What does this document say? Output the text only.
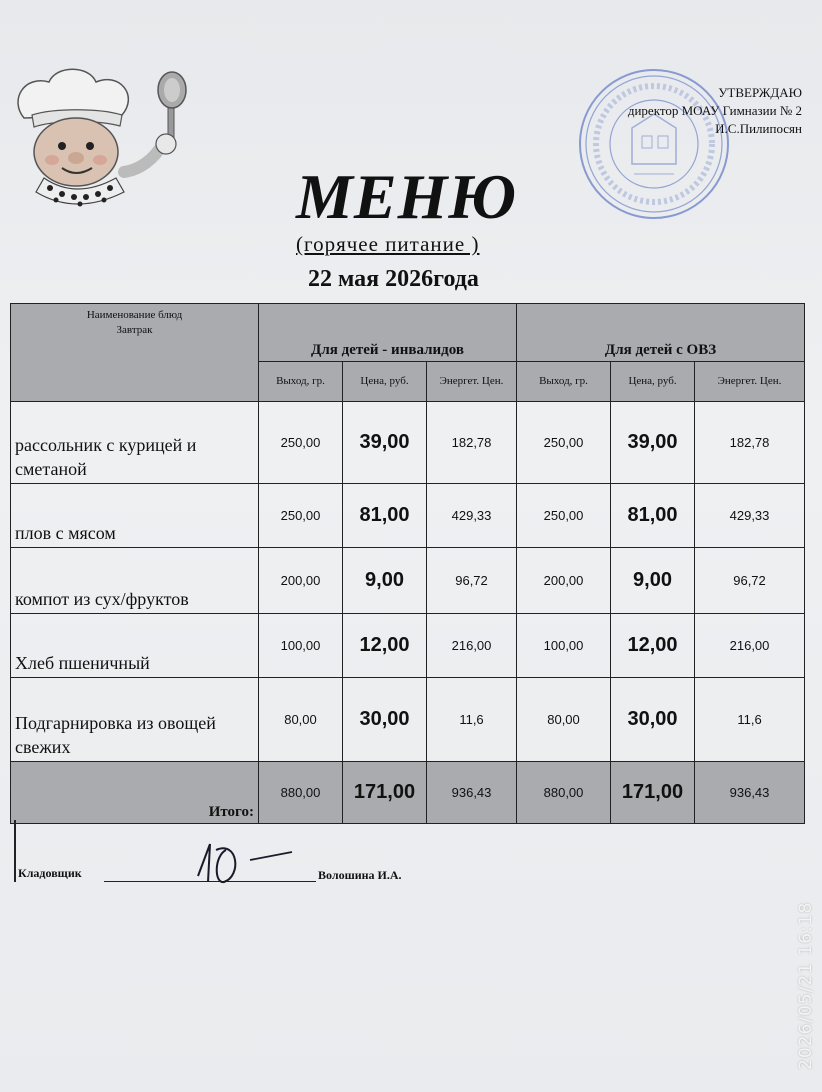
УТВЕРЖДАЮ
директор МОАУ Гимназии № 2
И.С.Пилипосян
МЕНЮ
(горячее питание )
22 мая 2026года
Наименование блюд
Завтрак	Для детей - инвалидов			Для детей с ОВЗ		
	Выход, гр.	Цена, руб.	Энергет. Цен.	Выход, гр.	Цена, руб.	Энергет. Цен.
рассольник с курицей и сметаной	250,00	39,00	182,78	250,00	39,00	182,78
плов с мясом	250,00	81,00	429,33	250,00	81,00	429,33
компот из сух/фруктов	200,00	9,00	96,72	200,00	9,00	96,72
Хлеб пшеничный	100,00	12,00	216,00	100,00	12,00	216,00
Подгарнировка из овощей свежих	80,00	30,00	11,6	80,00	30,00	11,6
Итого:	880,00	171,00	936,43	880,00	171,00	936,43
Кладовщик	Волошина И.А.
2026/05/21 16:18
